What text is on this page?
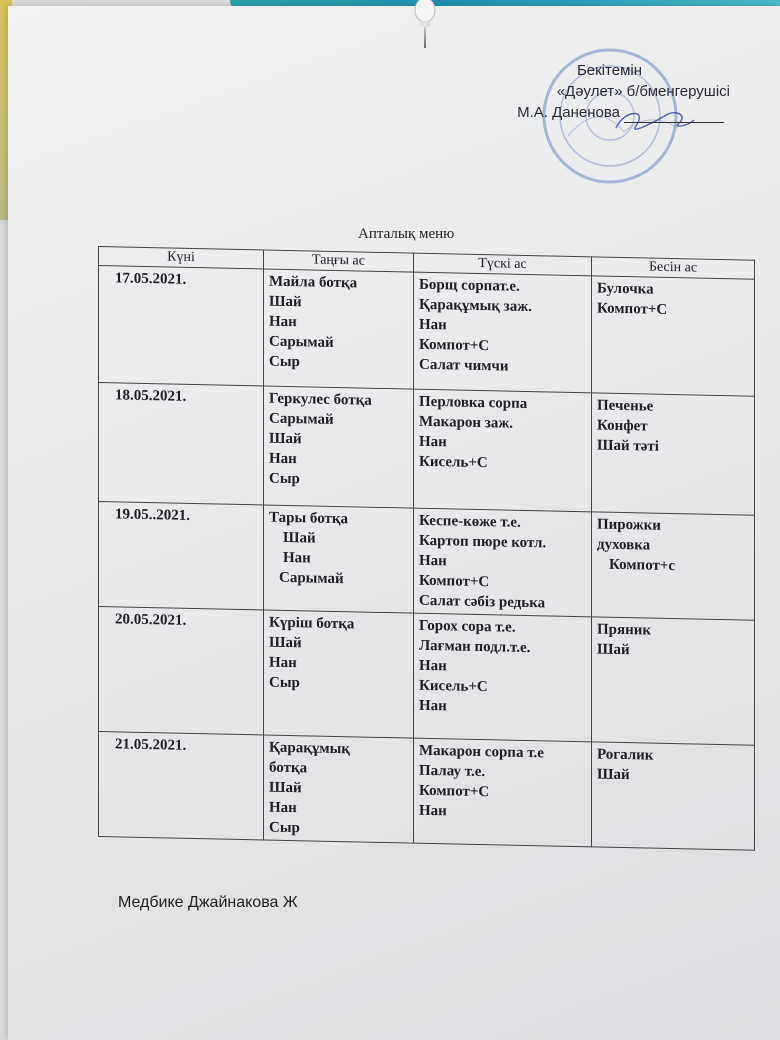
Бекітемін
«Дәулет» б/бменгерушісі
М.А. Даненова
Апталық меню
Күні	Таңғы ас	Түскі ас	Бесін ас
17.05.2021.	Майла ботқа
Шай
Нан
Сарымай
Сыр	Борщ сорпат.е.
Қарақұмық заж.
Нан
Компот+С
Салат чимчи	Булочка
Компот+С

18.05.2021.	Геркулес ботқа
Сарымай
Шай
Нан
Сыр	Перловка сорпа
Макарон заж.
Нан
Кисель+С	Печенье
Конфет
Шай тәті

19.05..2021.	Тары ботқа
Шай
Нан
Сарымай	Кеспе-көже т.е.
Картоп пюре котл.
Нан
Компот+С
Салат сәбіз редька	Пирожки
духовка
Компот+с

20.05.2021.	Күріш ботқа
Шай
Нан
Сыр	Горох сора т.е.
Лағман подл.т.е.
Нан
Кисель+С
Нан	Пряник
Шай

21.05.2021.	Қарақұмық
ботқа
Шай
Нан
Сыр	Макарон сорпа т.е
Палау т.е.
Компот+С
Нан	Рогалик
Шай
Медбике Джайнакова Ж
